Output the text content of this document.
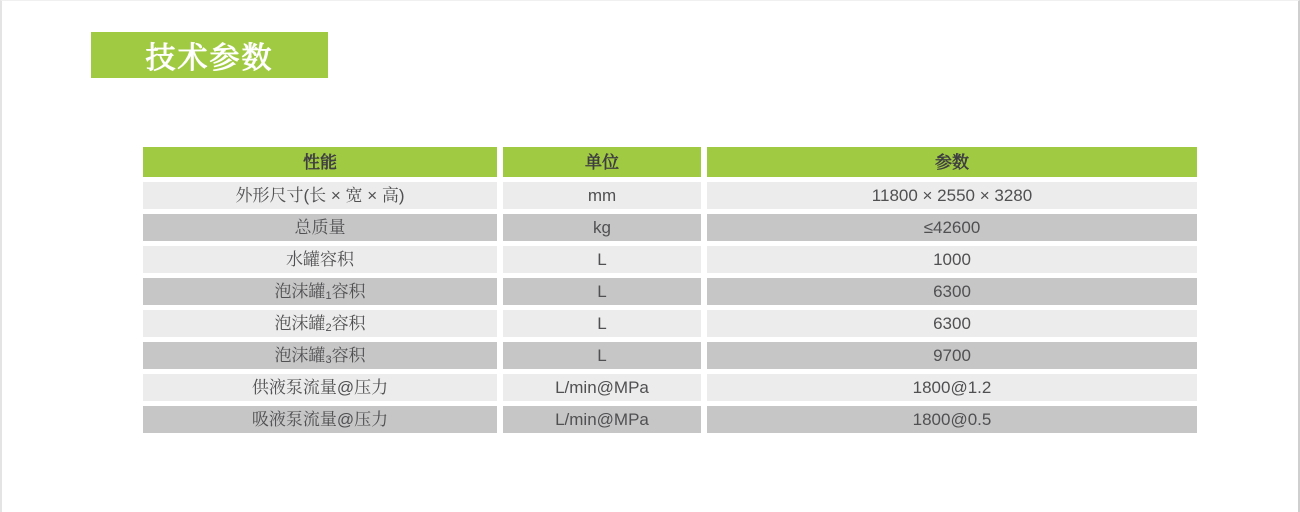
技术参数
性能	单位	参数
外形尺寸(长 × 宽 × 高)	mm	11800 × 2550 × 3280
总质量	kg	≤42600
水罐容积	L	1000
泡沫罐$_1$ 容积	L	6300
泡沫罐$_2$ 容积	L	6300
泡沫罐$_3$ 容积	L	9700
供液泵流量@压力	L/min@MPa	1800@1.2
吸液泵流量@压力	L/min@MPa	1800@0.5
